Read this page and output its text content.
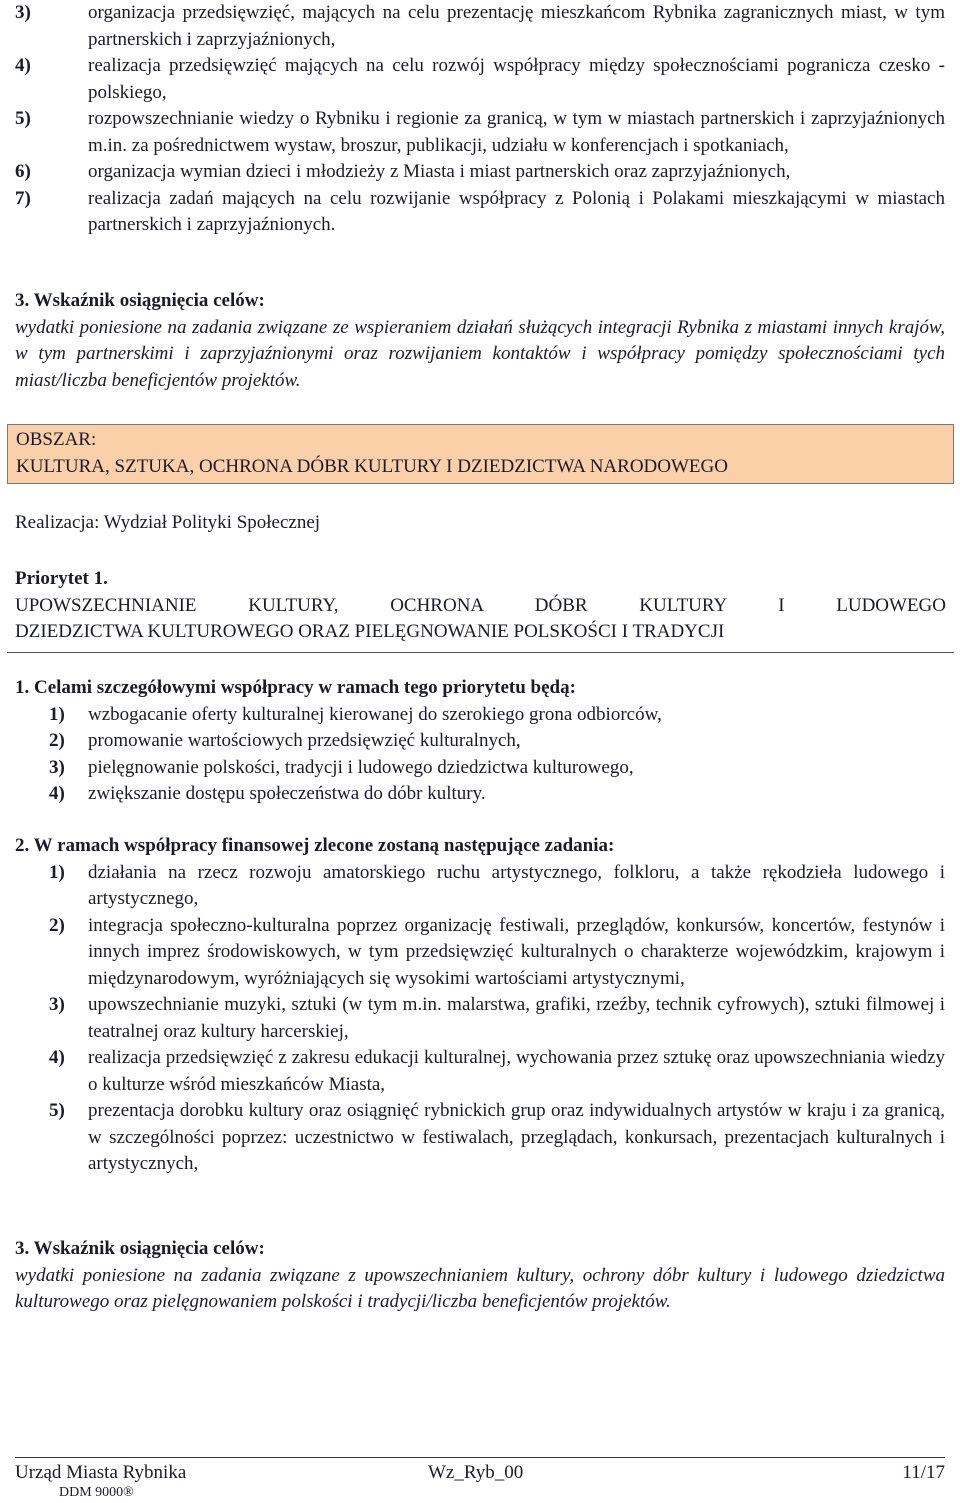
3)	organizacja przedsięwzięć, mających na celu prezentację mieszkańcom Rybnika zagranicznych miast, w tym partnerskich i zaprzyjaźnionych,
4)	realizacja przedsięwzięć mających na celu rozwój współpracy między społecznościami pogranicza czesko - polskiego,
5)	rozpowszechnianie wiedzy o Rybniku i regionie za granicą, w tym w miastach partnerskich i zaprzyjaźnionych m.in. za pośrednictwem wystaw, broszur, publikacji, udziału w konferencjach i spotkaniach,
6)	organizacja wymian dzieci i młodzieży z Miasta i miast partnerskich oraz zaprzyjaźnionych,
7)	realizacja zadań mających na celu rozwijanie współpracy z Polonią i Polakami mieszkającymi w miastach partnerskich i zaprzyjaźnionych.
3. Wskaźnik osiągnięcia celów:
wydatki poniesione na zadania związane ze wspieraniem działań służących integracji Rybnika z miastami innych krajów, w tym partnerskimi i zaprzyjaźnionymi oraz rozwijaniem kontaktów i współpracy pomiędzy społecznościami tych miast/liczba beneficjentów projektów.
OBSZAR:
KULTURA, SZTUKA, OCHRONA DÓBR KULTURY I DZIEDZICTWA NARODOWEGO
Realizacja: Wydział Polityki Społecznej
Priorytet 1.
UPOWSZECHNIANIE KULTURY, OCHRONA DÓBR KULTURY I LUDOWEGO
DZIEDZICTWA KULTUROWEGO ORAZ PIELĘGNOWANIE POLSKOŚCI I TRADYCJI
1. Celami szczegółowymi współpracy w ramach tego priorytetu będą:
1)	wzbogacanie oferty kulturalnej kierowanej do szerokiego grona odbiorców,
2)	promowanie wartościowych przedsięwzięć kulturalnych,
3)	pielęgnowanie polskości, tradycji i ludowego dziedzictwa kulturowego,
4)	zwiększanie dostępu społeczeństwa do dóbr kultury.
2. W ramach współpracy finansowej zlecone zostaną następujące zadania:
1)	działania na rzecz rozwoju amatorskiego ruchu artystycznego, folkloru, a także rękodzieła ludowego i artystycznego,
2)	integracja społeczno-kulturalna poprzez organizację festiwali, przeglądów, konkursów, koncertów, festynów i innych imprez środowiskowych, w tym przedsięwzięć kulturalnych o charakterze wojewódzkim, krajowym i międzynarodowym, wyróżniających się wysokimi wartościami artystycznymi,
3)	upowszechnianie muzyki, sztuki (w tym m.in. malarstwa, grafiki, rzeźby, technik cyfrowych), sztuki filmowej i teatralnej oraz kultury harcerskiej,
4)	realizacja przedsięwzięć z zakresu edukacji kulturalnej, wychowania przez sztukę oraz upowszechniania wiedzy o kulturze wśród mieszkańców Miasta,
5)	prezentacja dorobku kultury oraz osiągnięć rybnickich grup oraz indywidualnych artystów w kraju i za granicą, w szczególności poprzez: uczestnictwo w festiwalach, przeglądach, konkursach, prezentacjach kulturalnych i artystycznych,
3. Wskaźnik osiągnięcia celów:
wydatki poniesione na zadania związane z upowszechnianiem kultury, ochrony dóbr kultury i ludowego dziedzictwa kulturowego oraz pielęgnowaniem polskości i tradycji/liczba beneficjentów projektów.
Urząd Miasta Rybnika	Wz_Ryb_00	11/17
DDM 9000®
